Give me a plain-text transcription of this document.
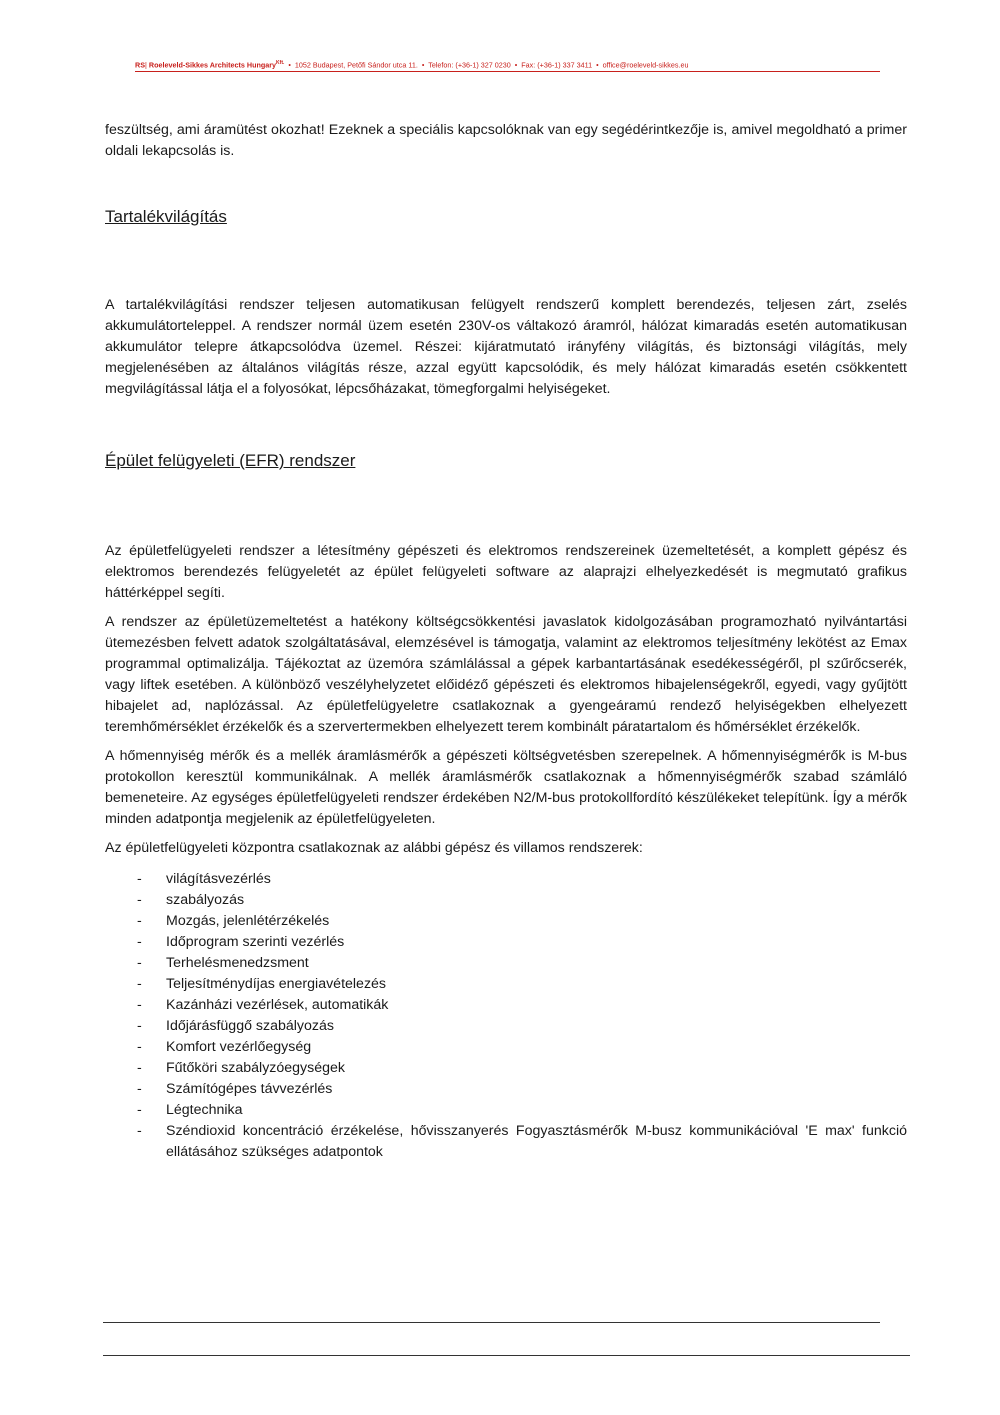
RS| Roeleveld-Sikkes Architects Hungary$^{Kft.}$  •  1052 Budapest, Petőfi Sándor utca 11.  •  Telefon: (+36-1) 327 0230  •  Fax: (+36-1) 337 3411  •  office@roeleveld-sikkes.eu

feszültség, ami áramütést okozhat! Ezeknek a speciális kapcsolóknak van egy segédérintkezője is, amivel megoldható a primer oldali lekapcsolás is.

Tartalékvilágítás

A tartalékvilágítási rendszer teljesen automatikusan felügyelt rendszerű komplett berendezés, teljesen zárt, zselés akkumulátorteleppel. A rendszer normál üzem esetén 230V-os váltakozó áramról, hálózat kimaradás esetén automatikusan akkumulátor telepre átkapcsolódva üzemel. Részei: kijáratmutató irányfény világítás, és biztonsági világítás, mely megjelenésében az általános világítás része, azzal együtt kapcsolódik, és mely hálózat kimaradás esetén csökkentett megvilágítással látja el a folyosókat, lépcsőházakat, tömegforgalmi helyiségeket.

Épület felügyeleti (EFR) rendszer

Az épületfelügyeleti rendszer a létesítmény gépészeti és elektromos rendszereinek üzemeltetését, a komplett gépész és elektromos berendezés felügyeletét az épület felügyeleti software az alaprajzi elhelyezkedését is megmutató grafikus háttérképpel segíti.

A rendszer az épületüzemeltetést a hatékony költségcsökkentési javaslatok kidolgozásában programozható nyilvántartási ütemezésben felvett adatok szolgáltatásával, elemzésével is támogatja, valamint az elektromos teljesítmény lekötést az Emax programmal optimalizálja. Tájékoztat az üzemóra számlálással a gépek karbantartásának esedékességéről, pl szűrőcserék, vagy liftek esetében. A különböző veszélyhelyzetet előidéző gépészeti és elektromos hibajelenségekről, egyedi, vagy gyűjtött hibajelet ad, naplózással. Az épületfelügyeletre csatlakoznak a gyengeáramú rendező helyiségekben elhelyezett teremhőmérséklet érzékelők és a szervertermekben elhelyezett terem kombinált páratartalom és hőmérséklet érzékelők.

A hőmennyiség mérők és a mellék áramlásmérők a gépészeti költségvetésben szerepelnek. A hőmennyiségmérők is M-bus protokollon keresztül kommunikálnak. A mellék áramlásmérők csatlakoznak a hőmennyiségmérők szabad számláló bemeneteire. Az egységes épületfelügyeleti rendszer érdekében N2/M-bus protokollfordító készülékeket telepítünk. Így a mérők minden adatpontja megjelenik az épületfelügyeleten.

Az épületfelügyeleti központra csatlakoznak az alábbi gépész és villamos rendszerek:

- világításvezérlés
- szabályozás
- Mozgás, jelenlétérzékelés
- Időprogram szerinti vezérlés
- Terhelésmenedzsment
- Teljesítménydíjas energiavételezés
- Kazánházi vezérlések, automatikák
- Időjárásfüggő szabályozás
- Komfort vezérlőegység
- Fűtőköri szabályzóegységek
- Számítógépes távvezérlés
- Légtechnika
- Széndioxid koncentráció érzékelése, hővisszanyerés Fogyasztásmérők M-busz kommunikációval 'E max' funkció ellátásához szükséges adatpontok
